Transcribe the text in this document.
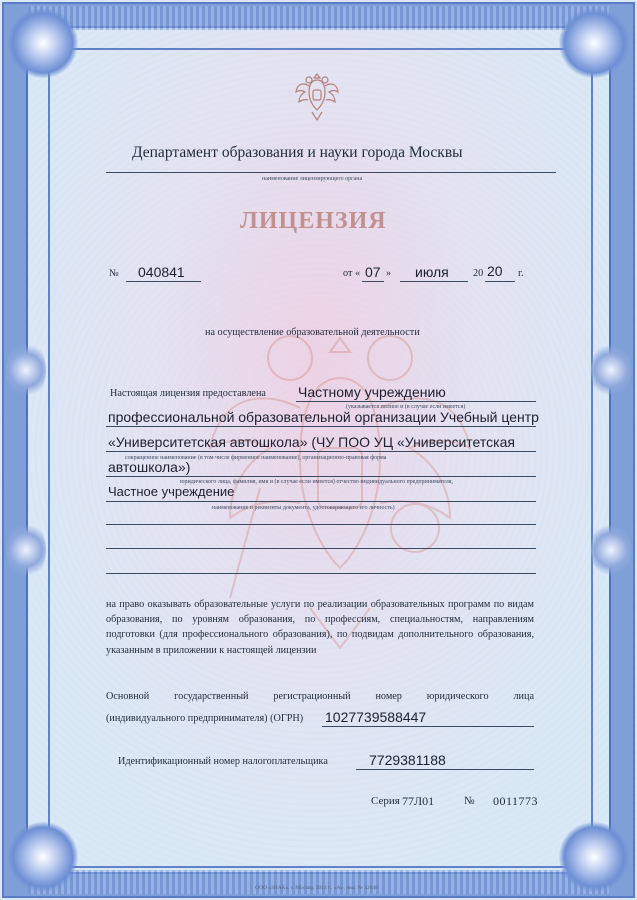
Департамент образования и науки города Москвы
наименование лицензирующего органа
ЛИЦЕНЗИЯ
№ 040841	от « 07 » июля 20 20 г.
на осуществление образовательной деятельности
Настоящая лицензия предоставлена Частному учреждению
(указывается полное и (в случае если имеется)
профессиональной образовательной организации Учебный центр
«Университетская автошкола» (ЧУ ПОО УЦ «Университетская
сокращенное наименование (в том числе фирменное наименование), организационно-правовая форма
автошкола»)
юридического лица, фамилия, имя и (в случае если имеется) отчество индивидуального предпринимателя,
Частное учреждение
наименование и реквизиты документа, удостоверяющего его личность)
на право оказывать образовательные услуги по реализации образовательных программ по видам образования, по уровням образования, по профессиям, специальностям, направлениям подготовки (для профессионального образования), по подвидам дополнительного образования, указанным в приложении к настоящей лицензии
Основной государственный регистрационный номер юридического лица
(индивидуального предпринимателя) (ОГРН) 1027739588447
Идентификационный номер налогоплательщика	7729381188
Серия 77Л01	№ 0011773
ООО «ЗНАК», г. Москва, 2014 г., «А», лиц. № 32648
